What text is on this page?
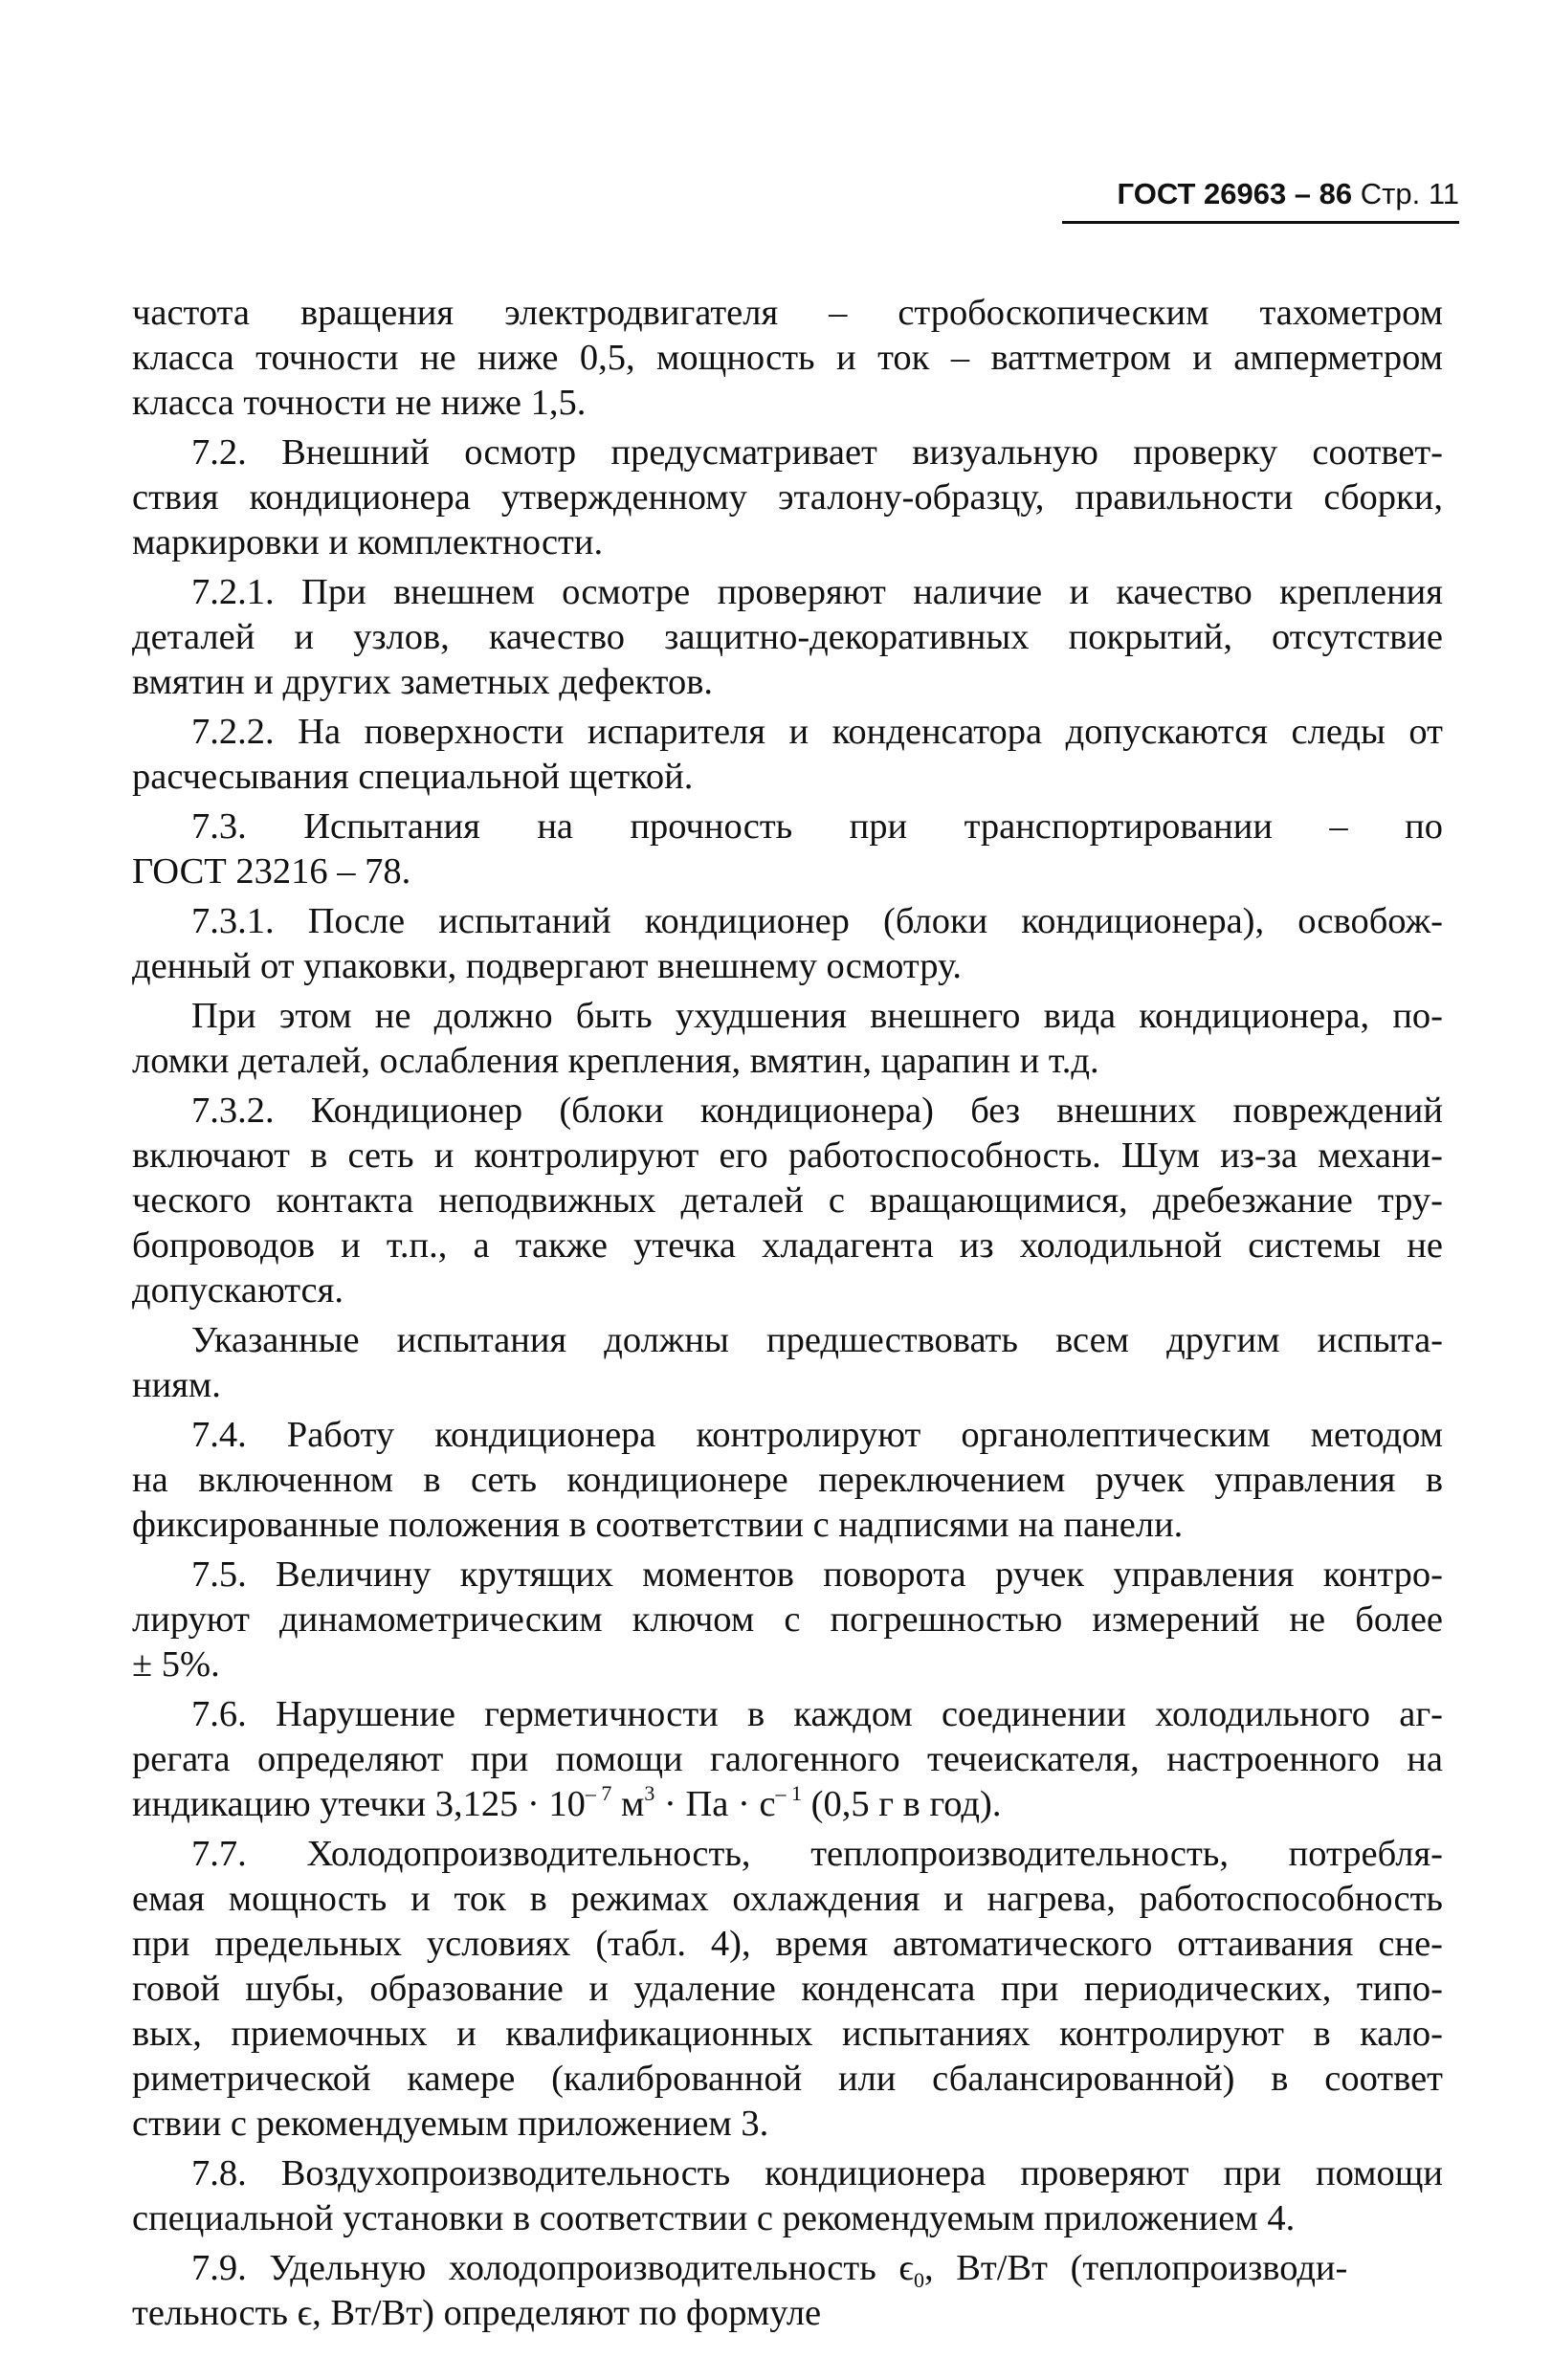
ГОСТ 26963 – 86 Стр. 11
частота вращения электродвигателя – стробоскопическим тахометром
класса точности не ниже 0,5, мощность и ток – ваттметром и амперметром
класса точности не ниже 1,5.
7.2. Внешний осмотр предусматривает визуальную проверку соответ-
ствия кондиционера утвержденному эталону-образцу, правильности сборки,
маркировки и комплектности.
7.2.1. При внешнем осмотре проверяют наличие и качество крепления
деталей и узлов, качество защитно-декоративных покрытий, отсутствие
вмятин и других заметных дефектов.
7.2.2. На поверхности испарителя и конденсатора допускаются следы от
расчесывания специальной щеткой.
7.3. Испытания на прочность при транспортировании – по
ГОСТ 23216 – 78.
7.3.1. После испытаний кондиционер (блоки кондиционера), освобож-
денный от упаковки, подвергают внешнему осмотру.
При этом не должно быть ухудшения внешнего вида кондиционера, по-
ломки деталей, ослабления крепления, вмятин, царапин и т.д.
7.3.2. Кондиционер (блоки кондиционера) без внешних повреждений
включают в сеть и контролируют его работоспособность. Шум из-за механи-
ческого контакта неподвижных деталей с вращающимися, дребезжание тру-
бопроводов и т.п., а также утечка хладагента из холодильной системы не
допускаются.
Указанные испытания должны предшествовать всем другим испыта-
ниям.
7.4. Работу кондиционера контролируют органолептическим методом
на включенном в сеть кондиционере переключением ручек управления в
фиксированные положения в соответствии с надписями на панели.
7.5. Величину крутящих моментов поворота ручек управления контро-
лируют динамометрическим ключом с погрешностью измерений не более
± 5%.
7.6. Нарушение герметичности в каждом соединении холодильного аг-
регата определяют при помощи галогенного течеискателя, настроенного на
индикацию утечки $3,125 \cdot 10^{- 7}$ $м^3$ · Па · $с^{- 1}$ (0,5 г в год).
7.7. Холодопроизводительность, теплопроизводительность, потребля-
емая мощность и ток в режимах охлаждения и нагрева, работоспособность
при предельных условиях (табл. 4), время автоматического оттаивания сне-
говой шубы, образование и удаление конденсата при периодических, типо-
вых, приемочных и квалификационных испытаниях контролируют в кало-
риметрической камере (калиброванной или сбалансированной) в соответ
ствии с рекомендуемым приложением 3.
7.8. Воздухопроизводительность кондиционера проверяют при помощи
специальной установки в соответствии с рекомендуемым приложением 4.
7.9. Удельную холодопроизводительность $\epsilon_0$, Вт/Вт (теплопроизводи-
тельность ϵ, Вт/Вт) определяют по формуле
